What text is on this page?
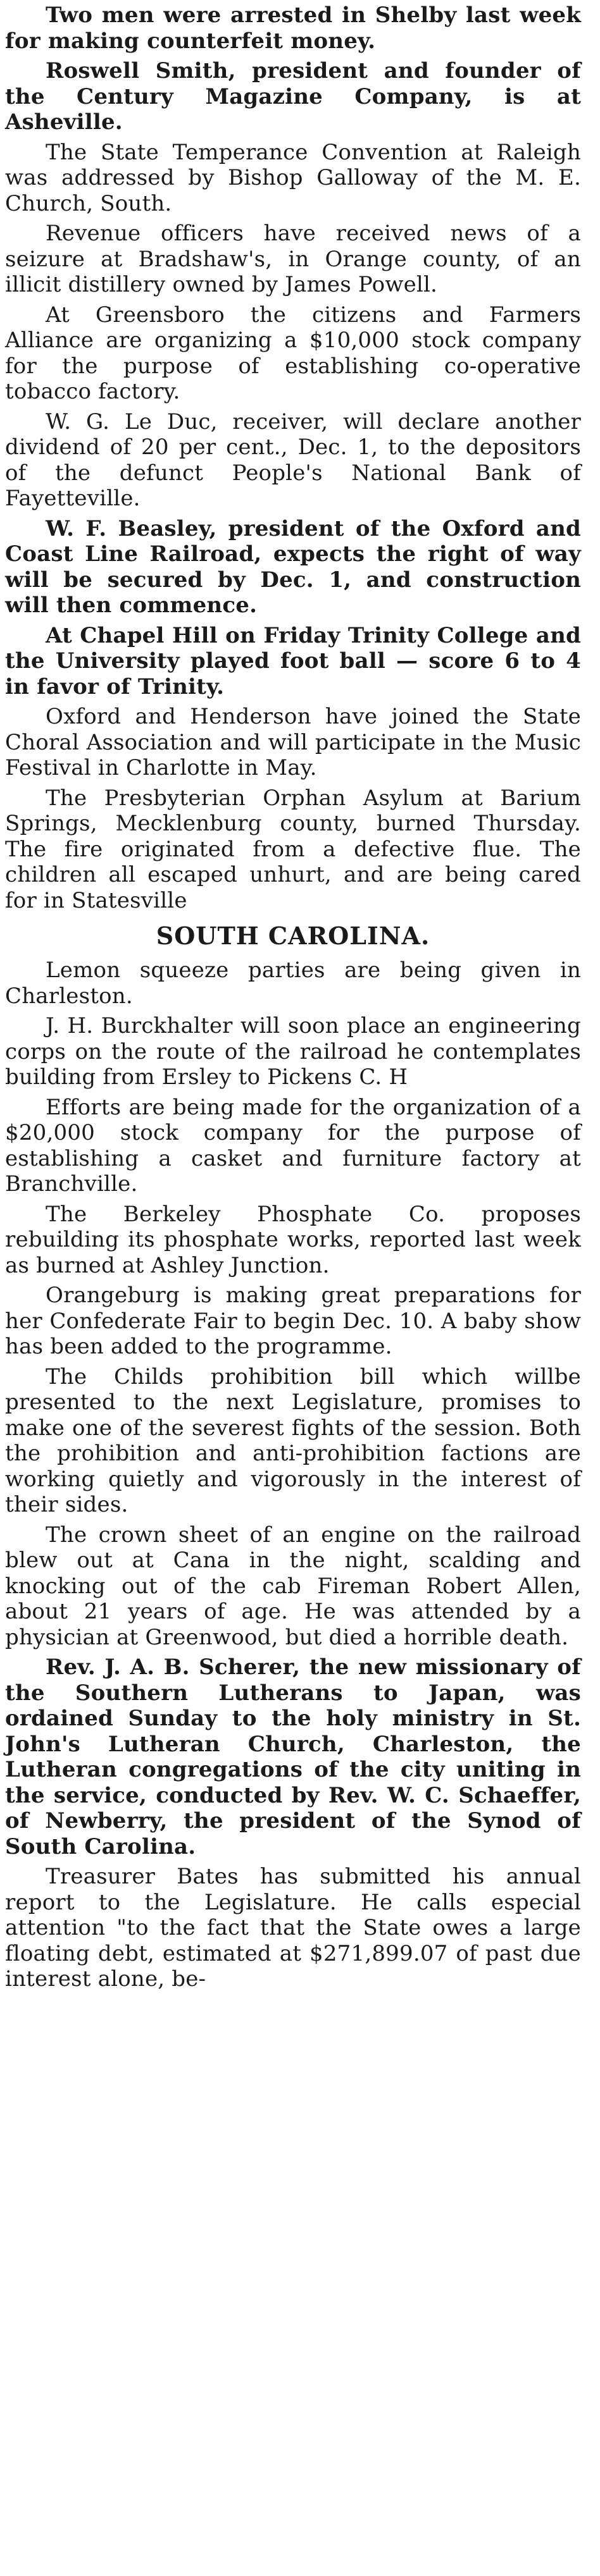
Two men were arrested in Shelby last week for making counterfeit money.

Roswell Smith, president and founder of the Century Magazine Company, is at Asheville.

The State Temperance Convention at Raleigh was addressed by Bishop Galloway of the M. E. Church, South.

Revenue officers have received news of a seizure at Bradshaw's, in Orange county, of an illicit distillery owned by James Powell.

At Greensboro the citizens and Farmers Alliance are organizing a $10,000 stock company for the purpose of establishing co-operative tobacco factory.

W. G. Le Duc, receiver, will declare another dividend of 20 per cent., Dec. 1, to the depositors of the defunct People's National Bank of Fayetteville.

W. F. Beasley, president of the Oxford and Coast Line Railroad, expects the right of way will be secured by Dec. 1, and construction will then commence.

At Chapel Hill on Friday Trinity College and the University played foot ball — score 6 to 4 in favor of Trinity.

Oxford and Henderson have joined the State Choral Association and will participate in the Music Festival in Charlotte in May.

The Presbyterian Orphan Asylum at Barium Springs, Mecklenburg county, burned Thursday. The fire originated from a defective flue. The children all escaped unhurt, and are being cared for in Statesville

SOUTH CAROLINA.

Lemon squeeze parties are being given in Charleston.

J. H. Burckhalter will soon place an engineering corps on the route of the railroad he contemplates building from Ersley to Pickens C. H

Efforts are being made for the organization of a $20,000 stock company for the purpose of establishing a casket and furniture factory at Branchville.

The Berkeley Phosphate Co. proposes rebuilding its phosphate works, reported last week as burned at Ashley Junction.

Orangeburg is making great preparations for her Confederate Fair to begin Dec. 10. A baby show has been added to the programme.

The Childs prohibition bill which willbe presented to the next Legislature, promises to make one of the severest fights of the session. Both the prohibition and anti-prohibition factions are working quietly and vigorously in the interest of their sides.

The crown sheet of an engine on the railroad blew out at Cana in the night, scalding and knocking out of the cab Fireman Robert Allen, about 21 years of age. He was attended by a physician at Greenwood, but died a horrible death.

Rev. J. A. B. Scherer, the new missionary of the Southern Lutherans to Japan, was ordained Sunday to the holy ministry in St. John's Lutheran Church, Charleston, the Lutheran congregations of the city uniting in the service, conducted by Rev. W. C. Schaeffer, of Newberry, the president of the Synod of South Carolina.

Treasurer Bates has submitted his annual report to the Legislature. He calls especial attention "to the fact that the State owes a large floating debt, estimated at $271,899.07 of past due interest alone, be-
